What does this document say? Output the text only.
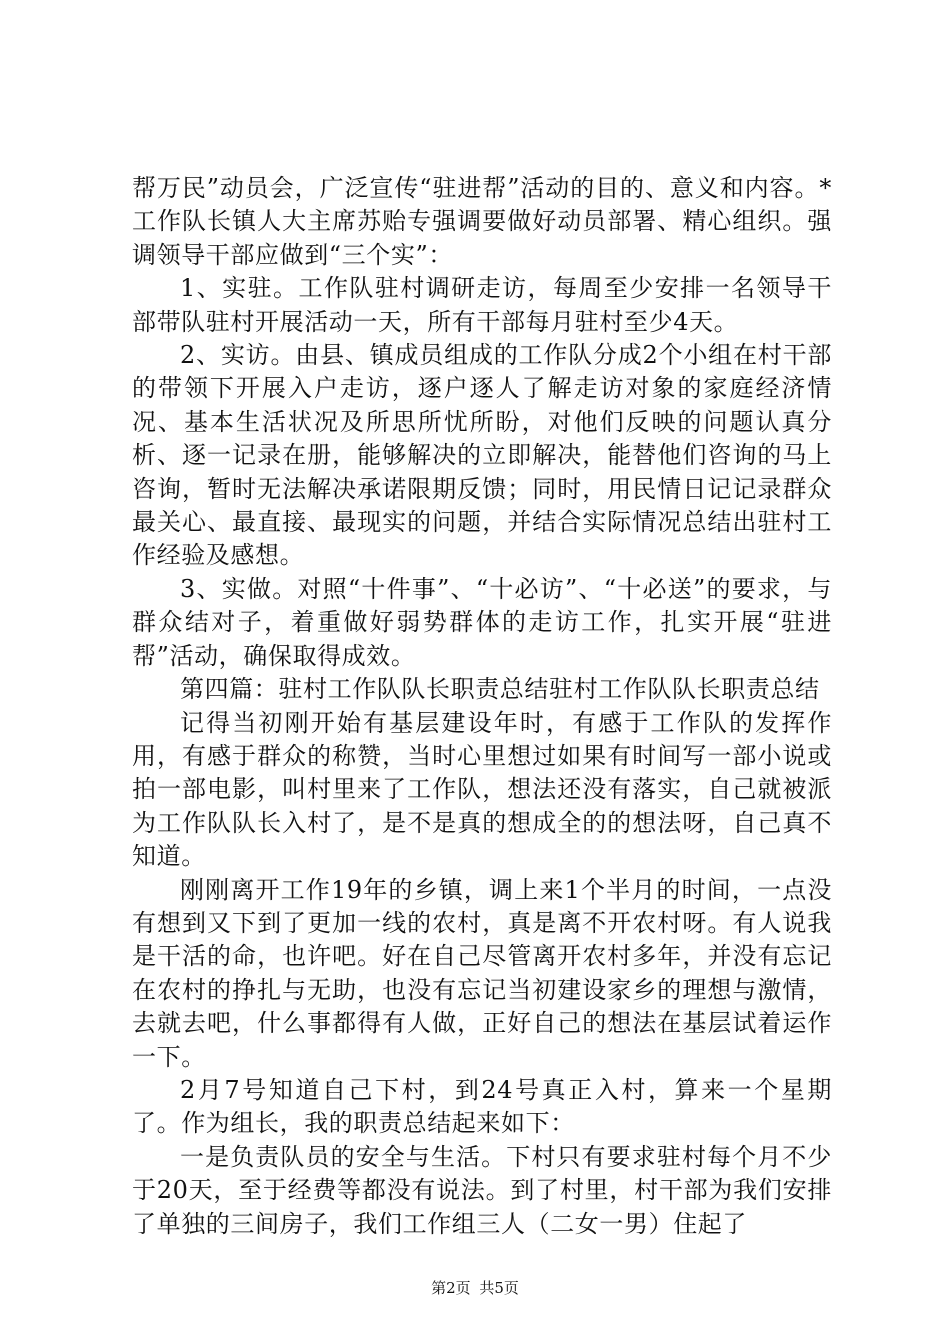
帮万民”动员会，广泛宣传“驻进帮”活动的目的、意义和内容。*工作队长镇人大主席苏贻专强调要做好动员部署、精心组织。强调领导干部应做到“三个实”：

1、实驻。工作队驻村调研走访，每周至少安排一名领导干部带队驻村开展活动一天，所有干部每月驻村至少4天。

2、实访。由县、镇成员组成的工作队分成2个小组在村干部的带领下开展入户走访，逐户逐人了解走访对象的家庭经济情况、基本生活状况及所思所忧所盼，对他们反映的问题认真分析、逐一记录在册，能够解决的立即解决，能替他们咨询的马上咨询，暂时无法解决承诺限期反馈；同时，用民情日记记录群众最关心、最直接、最现实的问题，并结合实际情况总结出驻村工作经验及感想。

3、实做。对照“十件事”、“十必访”、“十必送”的要求，与群众结对子，着重做好弱势群体的走访工作，扎实开展“驻进帮”活动，确保取得成效。

第四篇：驻村工作队队长职责总结驻村工作队队长职责总结

记得当初刚开始有基层建设年时，有感于工作队的发挥作用，有感于群众的称赞，当时心里想过如果有时间写一部小说或拍一部电影，叫村里来了工作队，想法还没有落实，自己就被派为工作队队长入村了，是不是真的想成全的的想法呀，自己真不知道。

刚刚离开工作19年的乡镇，调上来1个半月的时间，一点没有想到又下到了更加一线的农村，真是离不开农村呀。有人说我是干活的命，也许吧。好在自己尽管离开农村多年，并没有忘记在农村的挣扎与无助，也没有忘记当初建设家乡的理想与激情，去就去吧，什么事都得有人做，正好自己的想法在基层试着运作一下。

2月7号知道自己下村，到24号真正入村，算来一个星期了。作为组长，我的职责总结起来如下：

一是负责队员的安全与生活。下村只有要求驻村每个月不少于20天，至于经费等都没有说法。到了村里，村干部为我们安排了单独的三间房子，我们工作组三人（二女一男）住起了

第2页 共5页
